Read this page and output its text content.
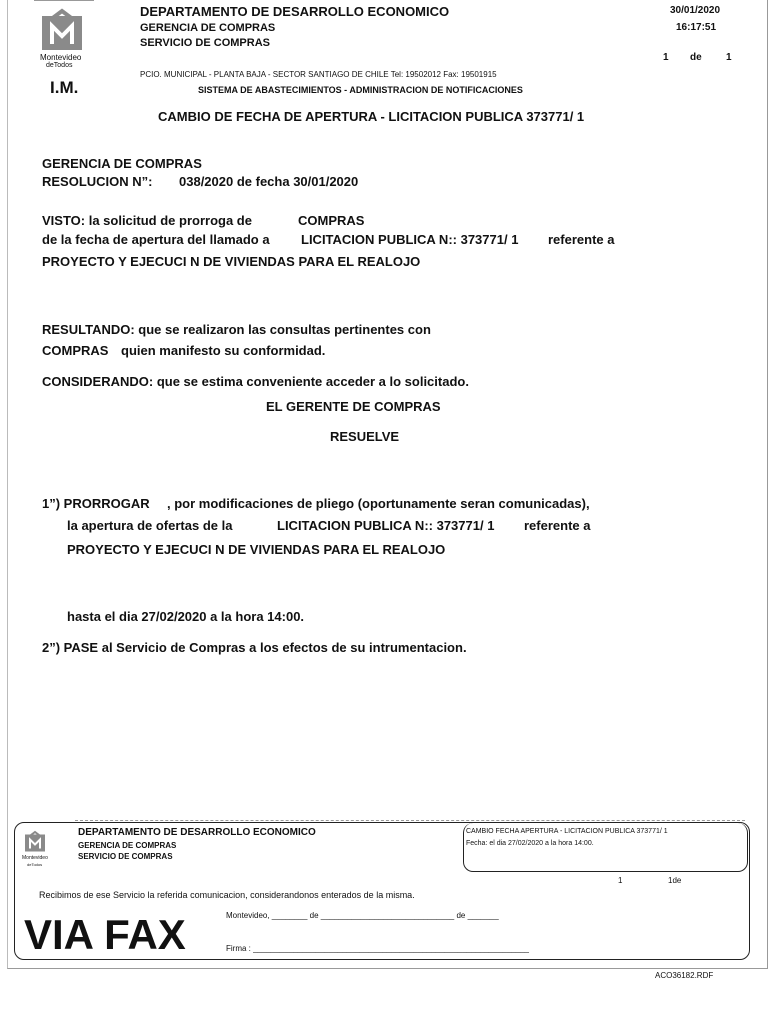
Montevideo
deTodos
I.M.
DEPARTAMENTO DE DESARROLLO ECONOMICO
GERENCIA DE COMPRAS
SERVICIO DE COMPRAS
30/01/2020
16:17:51
1 de 1
PCIO. MUNICIPAL - PLANTA BAJA - SECTOR SANTIAGO DE CHILE Tel: 19502012 Fax: 19501915
SISTEMA DE ABASTECIMIENTOS - ADMINISTRACION DE NOTIFICACIONES
CAMBIO DE FECHA DE APERTURA - LICITACION PUBLICA 373771/ 1
GERENCIA DE COMPRAS
RESOLUCION N”: 038/2020 de fecha 30/01/2020
VISTO: la solicitud de prorroga de	COMPRAS
de la fecha de apertura del llamado a LICITACION PUBLICA N:: 373771/ 1 referente a
PROYECTO Y EJECUCI N DE VIVIENDAS PARA EL REALOJO
RESULTANDO: que se realizaron las consultas pertinentes con
COMPRAS quien manifesto su conformidad.
CONSIDERANDO: que se estima conveniente acceder a lo solicitado.
EL GERENTE DE COMPRAS
RESUELVE
1”) PRORROGAR , por modificaciones de pliego (oportunamente seran comunicadas),
la apertura de ofertas de la	LICITACION PUBLICA N:: 373771/ 1 referente a
PROYECTO Y EJECUCI N DE VIVIENDAS PARA EL REALOJO
hasta el dia 27/02/2020 a la hora 14:00.
2”) PASE al Servicio de Compras a los efectos de su intrumentacion.
Montevideo
deTodos
DEPARTAMENTO DE DESARROLLO ECONOMICO
GERENCIA DE COMPRAS
SERVICIO DE COMPRAS
CAMBIO FECHA APERTURA - LICITACION PUBLICA 373771/ 1
Fecha: el dia 27/02/2020 a la hora 14:00.
1	1de
Recibimos de ese Servicio la referida comunicacion, considerandonos enterados de la misma.
VIA FAX	Montevideo, ________ de ______________________________ de _______
Firma : ______________________________________________________________
ACO36182.RDF
